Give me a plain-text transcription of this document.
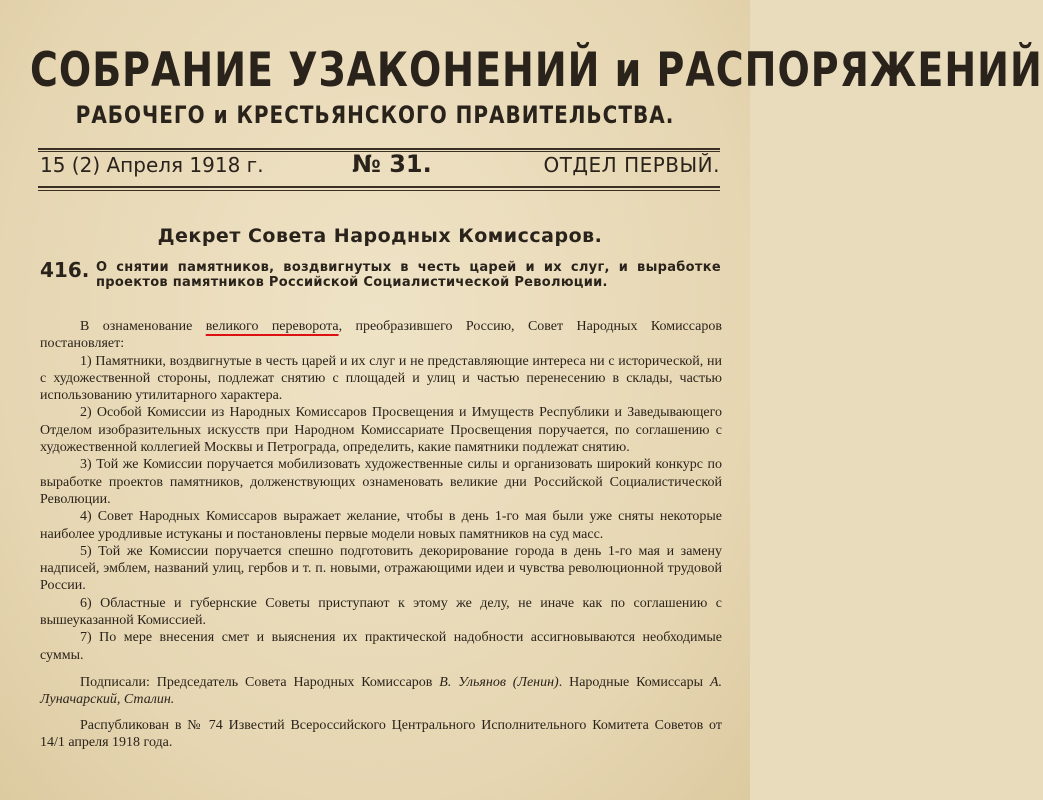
СОБРАНИЕ УЗАКОНЕНИЙ и РАСПОРЯЖЕНИЙ
РАБОЧЕГО и КРЕСТЬЯНСКОГО ПРАВИТЕЛЬСТВА.
15 (2) Апреля 1918 г.	№ 31.	ОТДЕЛ ПЕРВЫЙ.
Декрет Совета Народных Комиссаров.
416. О снятии памятников, воздвигнутых в честь царей и их слуг, и выработке проектов памятников Российской Социалистической Революции.

В ознаменование великого переворота, преобразившего Россию, Совет Народных Комиссаров постановляет:

1) Памятники, воздвигнутые в честь царей и их слуг и не представляющие интереса ни с исторической, ни с художественной стороны, подлежат снятию с площадей и улиц и частью перенесению в склады, частью использованию утилитарного характера.

2) Особой Комиссии из Народных Комиссаров Просвещения и Имуществ Республики и Заведывающего Отделом изобразительных искусств при Народном Комиссариате Просвещения поручается, по соглашению с художественной коллегией Москвы и Петрограда, определить, какие памятники подлежат снятию.

3) Той же Комиссии поручается мобилизовать художественные силы и организовать широкий конкурс по выработке проектов памятников, долженствующих ознаменовать великие дни Российской Социалистической Революции.

4) Совет Народных Комиссаров выражает желание, чтобы в день 1-го мая были уже сняты некоторые наиболее уродливые истуканы и постановлены первые модели новых памятников на суд масс.

5) Той же Комиссии поручается спешно подготовить декорирование города в день 1-го мая и замену надписей, эмблем, названий улиц, гербов и т. п. новыми, отражающими идеи и чувства революционной трудовой России.

6) Областные и губернские Советы приступают к этому же делу, не иначе как по соглашению с вышеуказанной Комиссией.

7) По мере внесения смет и выяснения их практической надобности ассигновываются необходимые суммы.

Подписали: Председатель Совета Народных Комиссаров В. Ульянов (Ленин). Народные Комиссары А. Луначарский, Сталин.

Распубликован в № 74 Известий Всероссийского Центрального Исполнительного Комитета Советов от 14/1 апреля 1918 года.
